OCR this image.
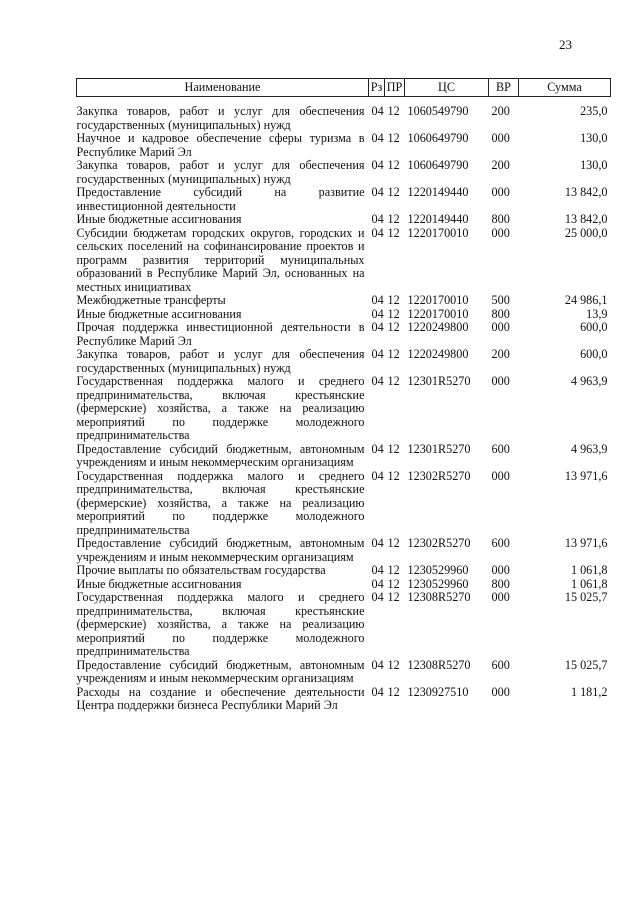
23
Наименование	Рз	ПР	ЦС	ВР	Сумма
Закупка товаров, работ и услуг для обеспечения государственных (муниципальных) нужд	04	12	1060549790	200	235,0
Научное и кадровое обеспечение сферы туризма в Республике Марий Эл	04	12	1060649790	000	130,0
Закупка товаров, работ и услуг для обеспечения государственных (муниципальных) нужд	04	12	1060649790	200	130,0
Предоставление субсидий на развитие инвестиционной деятельности	04	12	1220149440	000	13 842,0
Иные бюджетные ассигнования	04	12	1220149440	800	13 842,0
Субсидии бюджетам городских округов, городских и сельских поселений на софинансирование проектов и программ развития территорий муниципальных образований в Республике Марий Эл, основанных на местных инициативах	04	12	1220170010	000	25 000,0
Межбюджетные трансферты	04	12	1220170010	500	24 986,1
Иные бюджетные ассигнования	04	12	1220170010	800	13,9
Прочая поддержка инвестиционной деятельности в Республике Марий Эл	04	12	1220249800	000	600,0
Закупка товаров, работ и услуг для обеспечения государственных (муниципальных) нужд	04	12	1220249800	200	600,0
Государственная поддержка малого и среднего предпринимательства, включая крестьянские (фермерские) хозяйства, а также на реализацию мероприятий по поддержке молодежного предпринимательства	04	12	12301R5270	000	4 963,9
Предоставление субсидий бюджетным, автономным учреждениям и иным некоммерческим организациям	04	12	12301R5270	600	4 963,9
Государственная поддержка малого и среднего предпринимательства, включая крестьянские (фермерские) хозяйства, а также на реализацию мероприятий по поддержке молодежного предпринимательства	04	12	12302R5270	000	13 971,6
Предоставление субсидий бюджетным, автономным учреждениям и иным некоммерческим организациям	04	12	12302R5270	600	13 971,6
Прочие выплаты по обязательствам государства	04	12	1230529960	000	1 061,8
Иные бюджетные ассигнования	04	12	1230529960	800	1 061,8
Государственная поддержка малого и среднего предпринимательства, включая крестьянские (фермерские) хозяйства, а также на реализацию мероприятий по поддержке молодежного предпринимательства	04	12	12308R5270	000	15 025,7
Предоставление субсидий бюджетным, автономным учреждениям и иным некоммерческим организациям	04	12	12308R5270	600	15 025,7
Расходы на создание и обеспечение деятельности Центра поддержки бизнеса Республики Марий Эл	04	12	1230927510	000	1 181,2
